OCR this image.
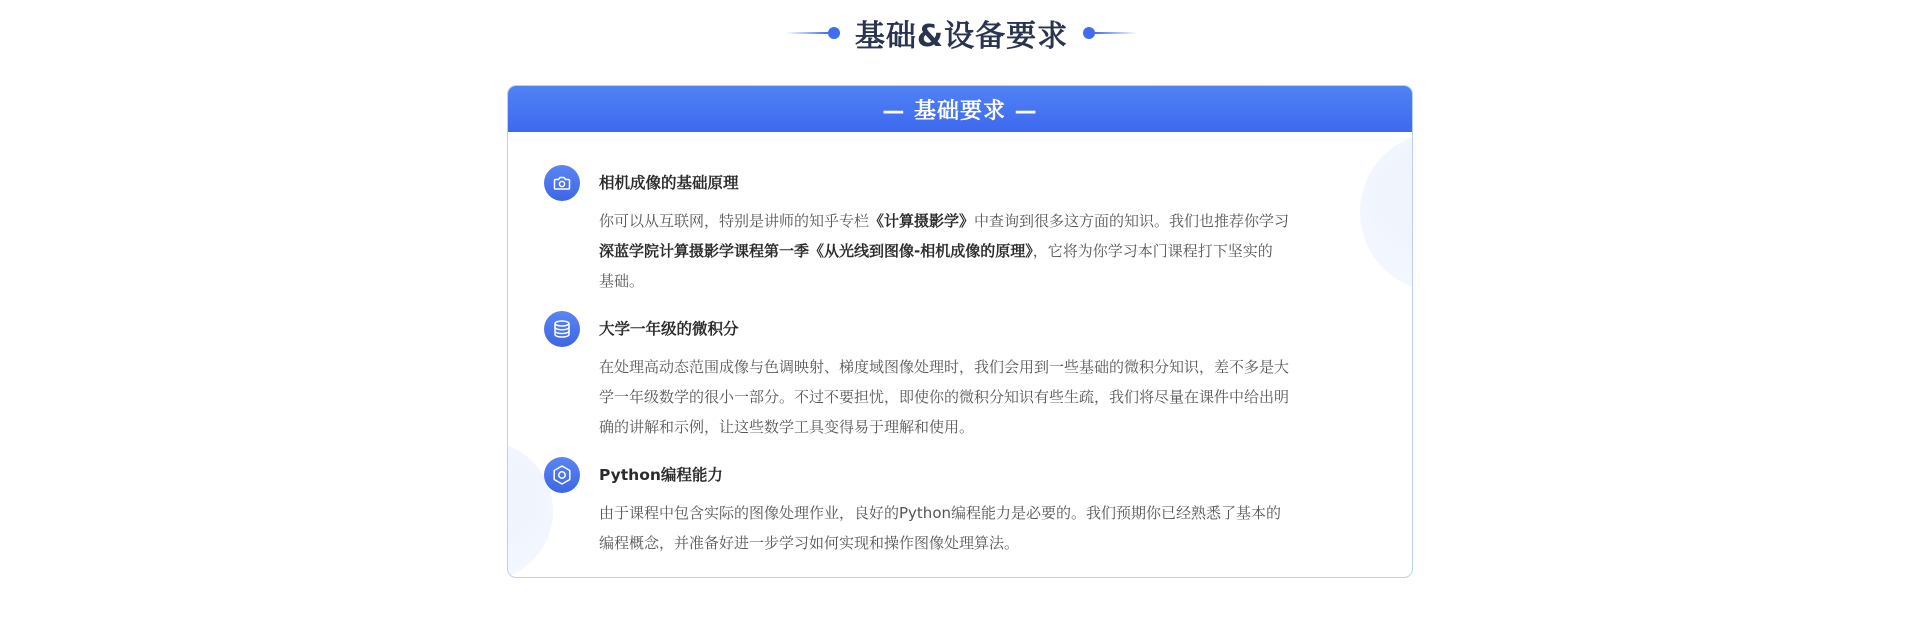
基础&设备要求
— 基础要求 —
相机成像的基础原理
你可以从互联网，特别是讲师的知乎专栏《计算摄影学》中查询到很多这方面的知识。我们也推荐你学习
深蓝学院计算摄影学课程第一季《从光线到图像-相机成像的原理》，它将为你学习本门课程打下坚实的
基础。
大学一年级的微积分
在处理高动态范围成像与色调映射、梯度域图像处理时，我们会用到一些基础的微积分知识，差不多是大
学一年级数学的很小一部分。不过不要担忧，即使你的微积分知识有些生疏，我们将尽量在课件中给出明
确的讲解和示例，让这些数学工具变得易于理解和使用。
Python编程能力
由于课程中包含实际的图像处理作业，良好的Python编程能力是必要的。我们预期你已经熟悉了基本的
编程概念，并准备好进一步学习如何实现和操作图像处理算法。
